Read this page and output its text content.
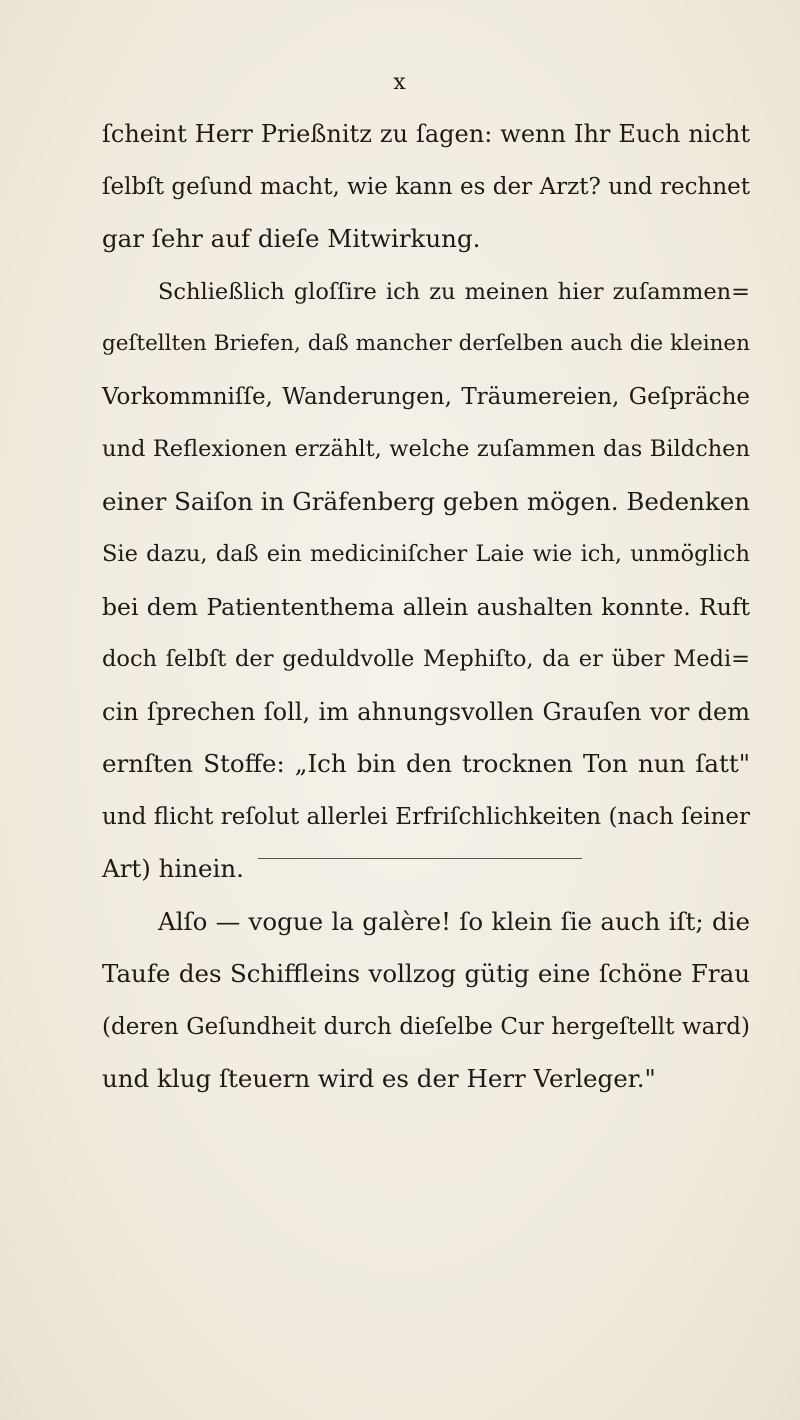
x
ſcheint Herr Prießnitz zu ſagen: wenn Ihr Euch nicht
ſelbſt geſund macht, wie kann es der Arzt? und rechnet
gar ſehr auf dieſe Mitwirkung.
Schließlich gloſſire ich zu meinen hier zuſammen=
geſtellten Briefen, daß mancher derſelben auch die kleinen
Vorkommniſſe, Wanderungen, Träumereien, Geſpräche
und Reflexionen erzählt, welche zuſammen das Bildchen
einer Saiſon in Gräfenberg geben mögen. Bedenken
Sie dazu, daß ein mediciniſcher Laie wie ich, unmöglich
bei dem Patiententhema allein aushalten konnte. Ruft
doch ſelbſt der geduldvolle Mephiſto, da er über Medi=
cin ſprechen ſoll, im ahnungsvollen Grauſen vor dem
ernſten Stoffe: „Ich bin den trocknen Ton nun ſatt"
und flicht reſolut allerlei Erfriſchlichkeiten (nach ſeiner
Art) hinein.
Alſo — vogue la galère! ſo klein ſie auch iſt; die
Taufe des Schiffleins vollzog gütig eine ſchöne Frau
(deren Geſundheit durch dieſelbe Cur hergeſtellt ward)
und klug ſteuern wird es der Herr Verleger."
